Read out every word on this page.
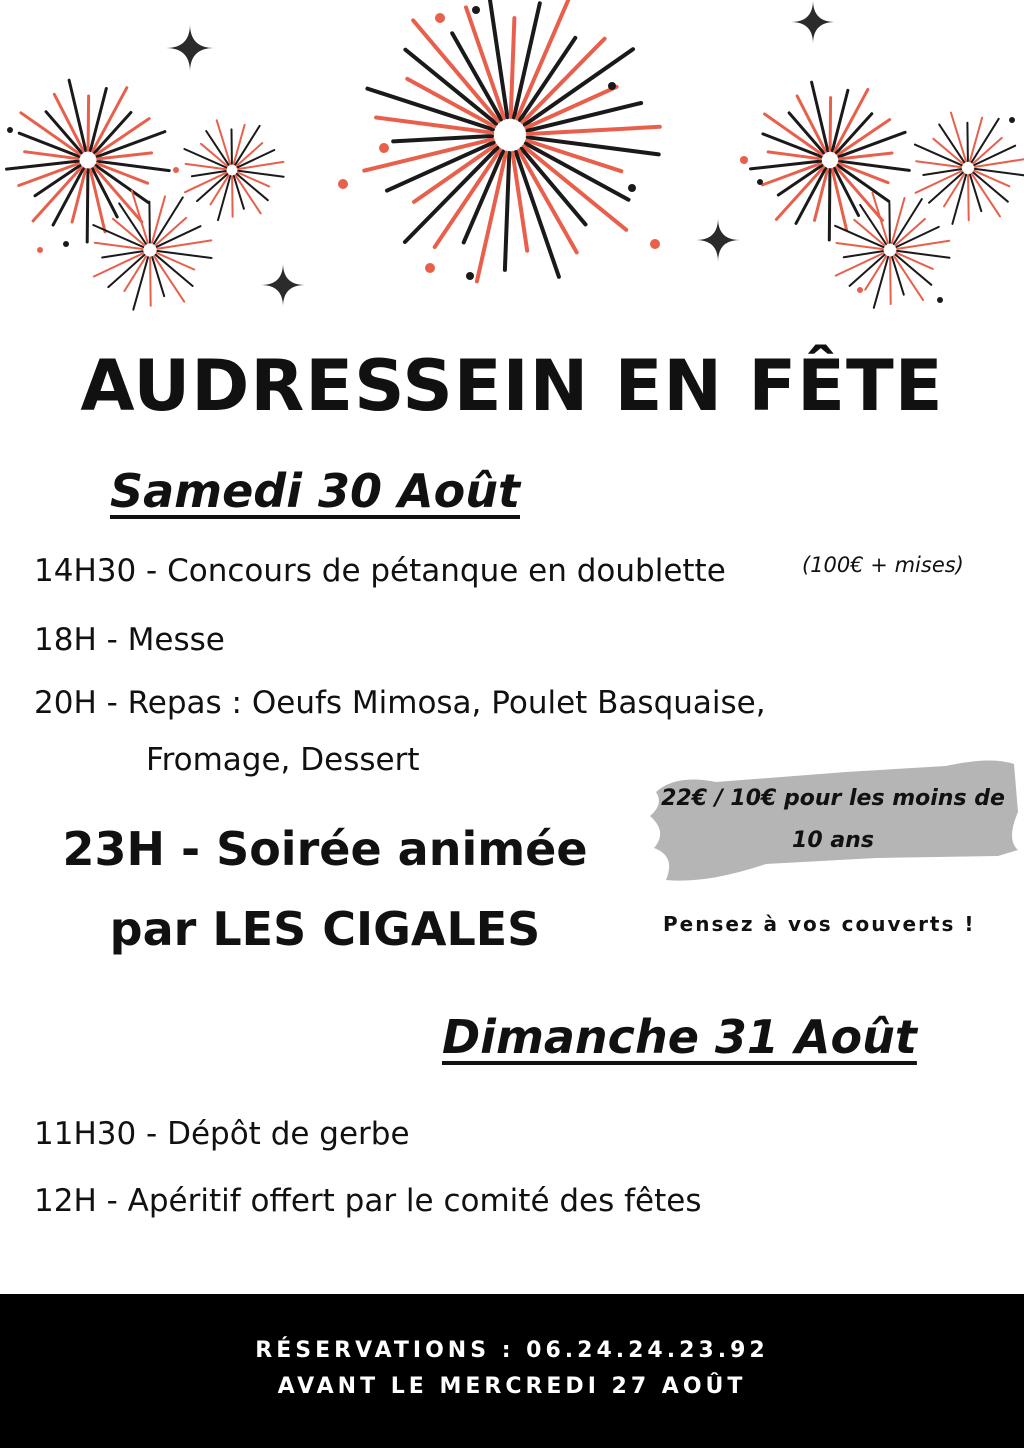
AUDRESSEIN EN FÊTE
Samedi 30 Août
14H30 - Concours de pétanque en doublette	(100€ + mises)
18H - Messe
20H - Repas : Oeufs Mimosa, Poulet Basquaise,
Fromage, Dessert
23H - Soirée animée
par LES CIGALES
22€ / 10€ pour les moins de 10 ans
Pensez à vos couverts !
Dimanche 31 Août
11H30 - Dépôt de gerbe
12H - Apéritif offert par le comité des fêtes
RÉSERVATIONS : 06.24.24.23.92
AVANT LE MERCREDI 27 AOÛT
